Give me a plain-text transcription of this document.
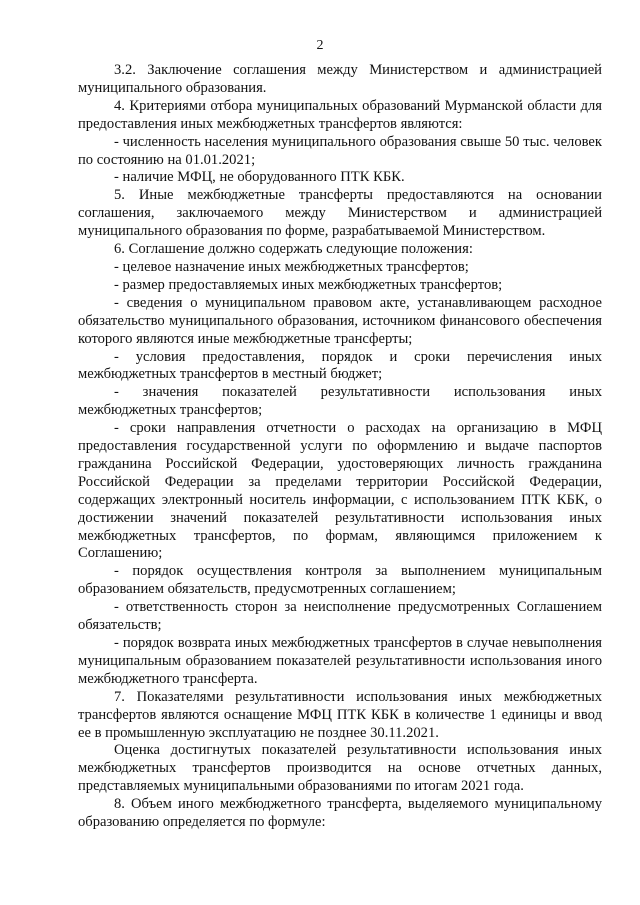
2

3.2. Заключение соглашения между Министерством и администрацией муниципального образования.

4. Критериями отбора муниципальных образований Мурманской области для предоставления иных межбюджетных трансфертов являются:

- численность населения муниципального образования свыше 50 тыс. человек по состоянию на 01.01.2021;

- наличие МФЦ, не оборудованного ПТК КБК.

5. Иные межбюджетные трансферты предоставляются на основании соглашения, заключаемого между Министерством и администрацией муниципального образования по форме, разрабатываемой Министерством.

6. Соглашение должно содержать следующие положения:

- целевое назначение иных межбюджетных трансфертов;

- размер предоставляемых иных межбюджетных трансфертов;

- сведения о муниципальном правовом акте, устанавливающем расходное обязательство муниципального образования, источником финансового обеспечения которого являются иные межбюджетные трансферты;

- условия предоставления, порядок и сроки перечисления иных межбюджетных трансфертов в местный бюджет;

- значения показателей результативности использования иных межбюджетных трансфертов;

- сроки направления отчетности о расходах на организацию в МФЦ предоставления государственной услуги по оформлению и выдаче паспортов гражданина Российской Федерации, удостоверяющих личность гражданина Российской Федерации за пределами территории Российской Федерации, содержащих электронный носитель информации, с использованием ПТК КБК, о достижении значений показателей результативности использования иных межбюджетных трансфертов, по формам, являющимся приложением к Соглашению;

- порядок осуществления контроля за выполнением муниципальным образованием обязательств, предусмотренных соглашением;

- ответственность сторон за неисполнение предусмотренных Соглашением обязательств;

- порядок возврата иных межбюджетных трансфертов в случае невыполнения муниципальным образованием показателей результативности использования иного межбюджетного трансферта.

7. Показателями результативности использования иных межбюджетных трансфертов являются оснащение МФЦ ПТК КБК в количестве 1 единицы и ввод ее в промышленную эксплуатацию не позднее 30.11.2021.

Оценка достигнутых показателей результативности использования иных межбюджетных трансфертов производится на основе отчетных данных, представляемых муниципальными образованиями по итогам 2021 года.

8. Объем иного межбюджетного трансферта, выделяемого муниципальному образованию определяется по формуле:
